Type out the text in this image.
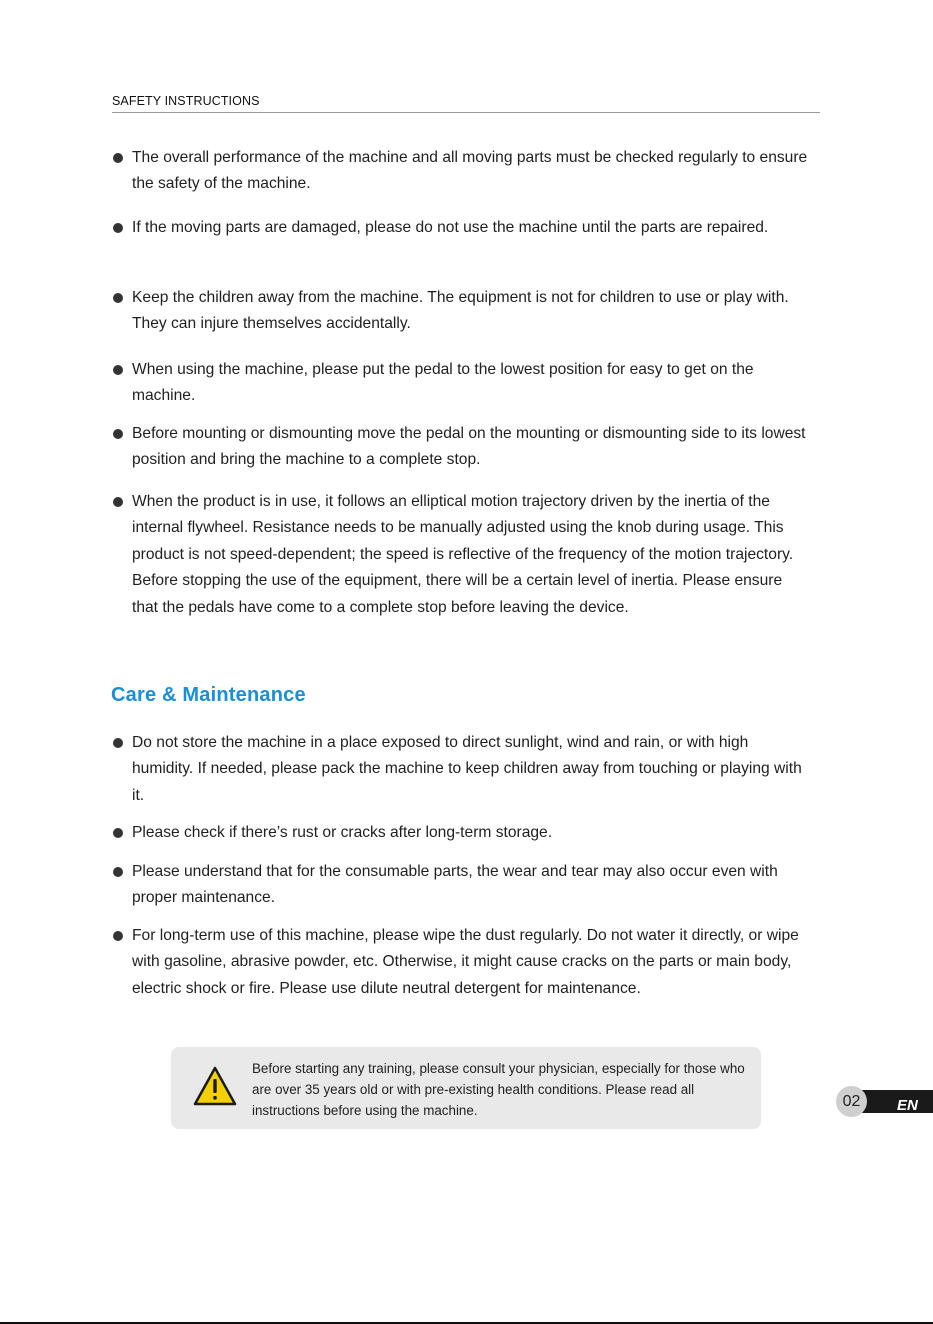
SAFETY INSTRUCTIONS
The overall performance of the machine and all moving parts must be checked regularly to ensure the safety of the machine.
If the moving parts are damaged, please do not use the machine until the parts are repaired.
Keep the children away from the machine. The equipment is not for children to use or play with. They can injure themselves accidentally.
When using the machine, please put the pedal to the lowest position for easy to get on the machine.
Before mounting or dismounting move the pedal on the mounting or dismounting side to its lowest position and bring the machine to a complete stop.
When the product is in use, it follows an elliptical motion trajectory driven by the inertia of the internal flywheel. Resistance needs to be manually adjusted using the knob during usage. This product is not speed-dependent; the speed is reflective of the frequency of the motion trajectory. Before stopping the use of the equipment, there will be a certain level of inertia. Please ensure that the pedals have come to a complete stop before leaving the device.
Care & Maintenance
Do not store the machine in a place exposed to direct sunlight, wind and rain, or with high humidity. If needed, please pack the machine to keep children away from touching or playing with it.
Please check if there’s rust or cracks after long-term storage.
Please understand that for the consumable parts, the wear and tear may also occur even with proper maintenance.
For long-term use of this machine, please wipe the dust regularly. Do not water it directly, or wipe with gasoline, abrasive powder, etc. Otherwise, it might cause cracks on the parts or main body, electric shock or fire. Please use dilute neutral detergent for maintenance.
Before starting any training, please consult your physician, especially for those who are over 35 years old or with pre-existing health conditions. Please read all instructions before using the machine.	EN
02
